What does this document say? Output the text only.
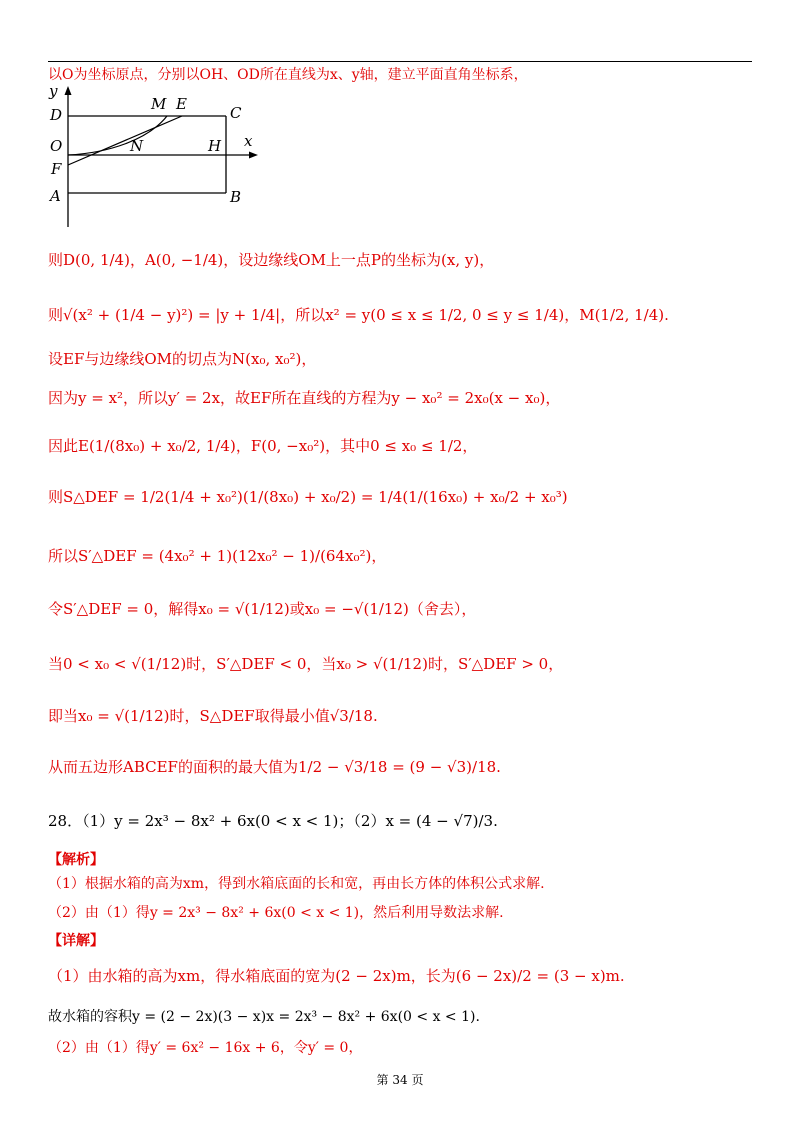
以O为坐标原点，分别以OH、OD所在直线为x、y轴，建立平面直角坐标系，
y
D
M E	C
x
O	N	H
F
A	B
则D(0, 1/4)，A(0, −1/4)，设边缘线OM上一点P的坐标为(x, y)，
则√(x² + (1/4 − y)²) = |y + 1/4|，所以x² = y(0 ≤ x ≤ 1/2, 0 ≤ y ≤ 1/4)，M(1/2, 1/4).
设EF与边缘线OM的切点为N(x₀, x₀²)，
因为y = x²，所以y′ = 2x，故EF所在直线的方程为y − x₀² = 2x₀(x − x₀)，
因此E(1/(8x₀) + x₀/2, 1/4)，F(0, −x₀²)，其中0 ≤ x₀ ≤ 1/2，
则S△DEF = 1/2(1/4 + x₀²)(1/(8x₀) + x₀/2) = 1/4(1/(16x₀) + x₀/2 + x₀³)
所以S′△DEF = (4x₀² + 1)(12x₀² − 1)/(64x₀²)，
令S′△DEF = 0，解得x₀ = √(1/12)或x₀ = −√(1/12)（舍去），
当0 < x₀ < √(1/12)时，S′△DEF < 0，当x₀ > √(1/12)时，S′△DEF > 0，
即当x₀ = √(1/12)时，S△DEF取得最小值√3/18.
从而五边形ABCEF的面积的最大值为1/2 − √3/18 = (9 − √3)/18.
28．（1）y = 2x³ − 8x² + 6x(0 < x < 1)；（2）x = (4 − √7)/3.
【解析】
（1）根据水箱的高为xm，得到水箱底面的长和宽，再由长方体的体积公式求解.
（2）由（1）得y = 2x³ − 8x² + 6x(0 < x < 1)，然后利用导数法求解.
【详解】
（1）由水箱的高为xm，得水箱底面的宽为(2 − 2x)m，长为(6 − 2x)/2 = (3 − x)m.
故水箱的容积y = (2 − 2x)(3 − x)x = 2x³ − 8x² + 6x(0 < x < 1).
（2）由（1）得y′ = 6x² − 16x + 6，令y′ = 0，
第 34 页
